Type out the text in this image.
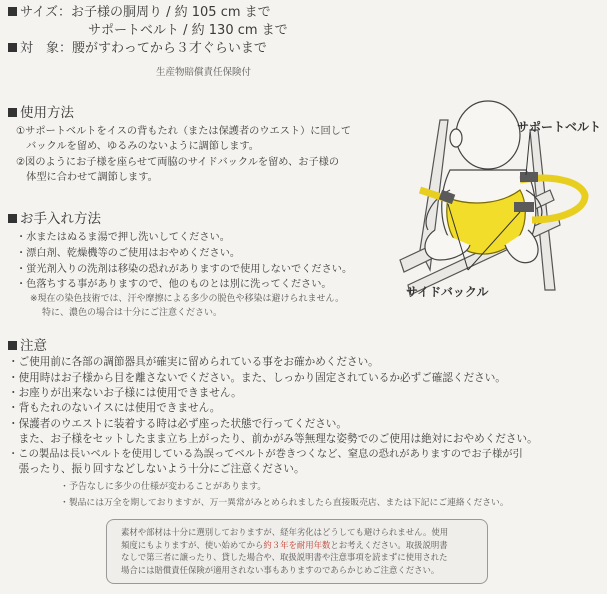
サイズ：お子様の胴周り / 約 105 cm まで
サポートベルト / 約 130 cm まで
対　象：腰がすわってから３才ぐらいまで
生産物賠償責任保険付
使用方法
①サポートベルトをイスの背もたれ（または保護者のウエスト）に回して
　バックルを留め、ゆるみのないように調節します。
②図のようにお子様を座らせて両脇のサイドバックルを留め、お子様の
　体型に合わせて調節します。
サポートベルト
サイドバックル
お手入れ方法
・水またはぬるま湯で押し洗いしてください。
・漂白剤、乾燥機等のご使用はおやめください。
・蛍光剤入りの洗剤は移染の恐れがありますので使用しないでください。
・色落ちする事がありますので、他のものとは別に洗ってください。
※現在の染色技術では、汗や摩擦による多少の脱色や移染は避けられません。
特に、濃色の場合は十分にご注意ください。
注意
・ご使用前に各部の調節器具が確実に留められている事をお確かめください。
・使用時はお子様から目を離さないでください。また、しっかり固定されているか必ずご確認ください。
・お座りが出来ないお子様には使用できません。
・背もたれのないイスには使用できません。
・保護者のウエストに装着する時は必ず座った状態で行ってください。
　また、お子様をセットしたまま立ち上がったり、前かがみ等無理な姿勢でのご使用は絶対におやめください。
・この製品は長いベルトを使用している為誤ってベルトが巻きつくなど、窒息の恐れがありますのでお子様が引
　張ったり、振り回すなどしないよう十分にご注意ください。
・予告なしに多少の仕様が変わることがあります。
・製品には万全を期しておりますが、万一異常がみとめられましたら直接販売店、または下記にご連絡ください。
素材や部材は十分に選別しておりますが、経年劣化はどうしても避けられません。使用
頻度にもよりますが、使い始めてから約３年を耐用年数とお考えください。取扱説明書
なしで第三者に譲ったり、貸した場合や、取扱説明書や注意事項を読まずに使用された
場合には賠償責任保険が適用されない事もありますのであらかじめご注意ください。
